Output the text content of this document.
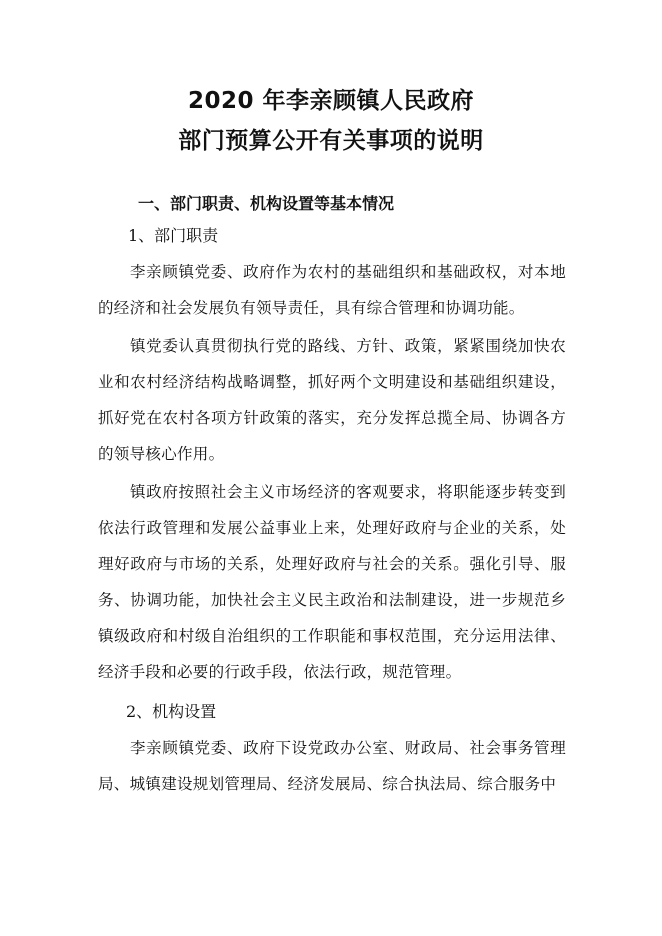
2020 年李亲顾镇人民政府
部门预算公开有关事项的说明

一、部门职责、机构设置等基本情况

1、部门职责

李亲顾镇党委、政府作为农村的基础组织和基础政权，对本地的经济和社会发展负有领导责任，具有综合管理和协调功能。

镇党委认真贯彻执行党的路线、方针、政策，紧紧围绕加快农业和农村经济结构战略调整，抓好两个文明建设和基础组织建设，抓好党在农村各项方针政策的落实，充分发挥总揽全局、协调各方的领导核心作用。

镇政府按照社会主义市场经济的客观要求，将职能逐步转变到依法行政管理和发展公益事业上来，处理好政府与企业的关系，处理好政府与市场的关系，处理好政府与社会的关系。强化引导、服务、协调功能，加快社会主义民主政治和法制建设，进一步规范乡镇级政府和村级自治组织的工作职能和事权范围，充分运用法律、经济手段和必要的行政手段，依法行政，规范管理。

2、机构设置

李亲顾镇党委、政府下设党政办公室、财政局、社会事务管理局、城镇建设规划管理局、经济发展局、综合执法局、综合服务中
